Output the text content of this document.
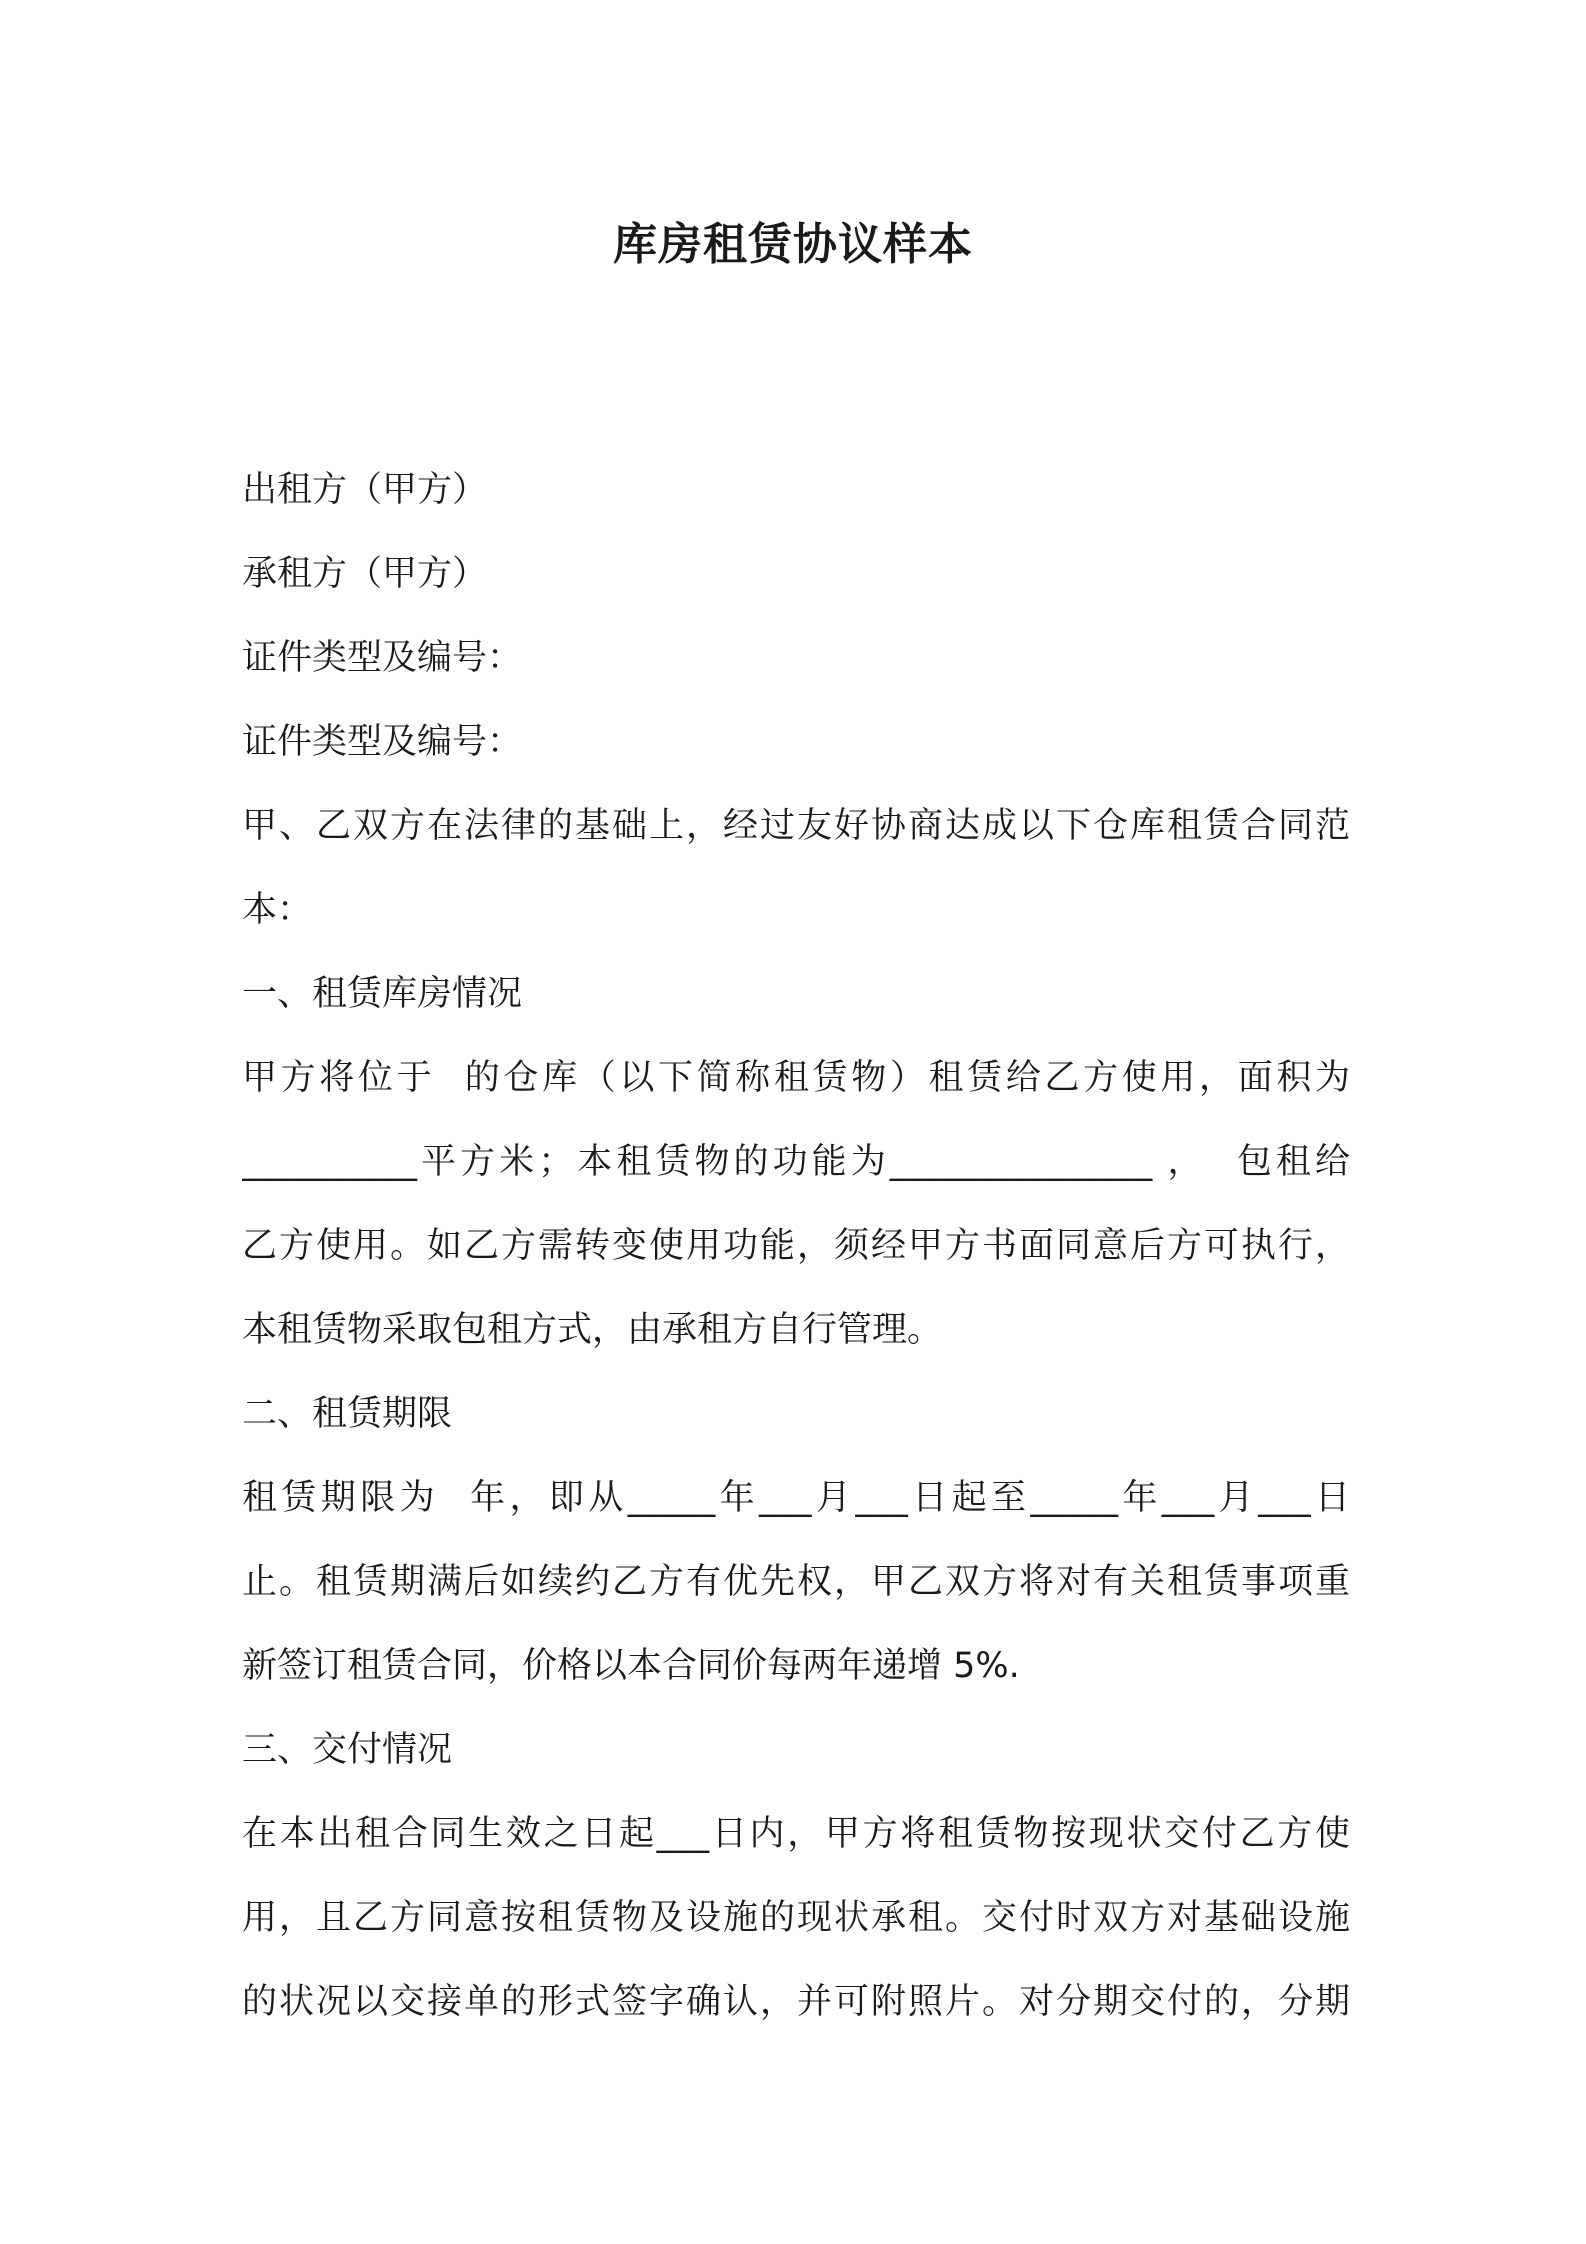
库房租赁协议样本
出租方（甲方）
承租方（甲方）
证件类型及编号：
证件类型及编号：
甲、乙双方在法律的基础上，经过友好协商达成以下仓库租赁合同范
本：
一、租赁库房情况
甲方将位于  的仓库（以下简称租赁物）租赁给乙方使用，面积为
__________平方米；本租赁物的功能为_______________ ，  包租给
乙方使用。如乙方需转变使用功能，须经甲方书面同意后方可执行，
本租赁物采取包租方式，由承租方自行管理。
二、租赁期限
租赁期限为  年，即从_____年___月___日起至_____年___月___日
止。租赁期满后如续约乙方有优先权，甲乙双方将对有关租赁事项重
新签订租赁合同，价格以本合同价每两年递增 5%.
三、交付情况
在本出租合同生效之日起___日内，甲方将租赁物按现状交付乙方使
用，且乙方同意按租赁物及设施的现状承租。交付时双方对基础设施
的状况以交接单的形式签字确认，并可附照片。对分期交付的，分期
